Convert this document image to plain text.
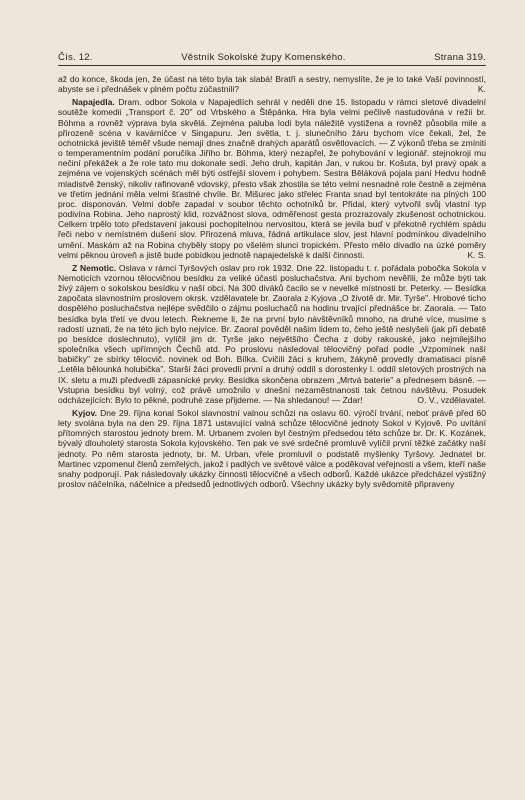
Čís. 12.	Věstník Sokolské župy Komenského.	Strana 319.

až do konce, škoda jen, že účast na této byla tak slabá! Bratři a sestry, nemyslíte, že je to také Vaší povinností, abyste se i přednášek v plném počtu zúčastnili?	K.

Napajedla. Dram. odbor Sokola v Napajedlích sehrál v neděli dne 15. listopadu v rámci sletové divadelní soutěže komedii „Transport č. 20" od Vrbského a Štěpánka. Hra byla velmi pečlivě nastudována v režii br. Böhma a rovněž výprava byla skvělá. Zejména paluba lodi byla náležitě vystižena a rovněž působila mile a přirozeně scéna v kavárničce v Singapuru. Jen světla, t. j. slunečního žáru bychom více čekali, žel, že ochotnická jeviště téměř všude nemají dnes značně drahých aparátů osvětlovacích. — Z výkonů třeba se zmíniti o temperamentním podání poručíka Jiřího br. Böhma, který nezapřel, že pohybování v legionář. stejnokroji mu nečiní překážek a že role tato mu dokonale sedí. Jeho druh, kapitán Jan, v rukou br. Košuta, byl pravý opak a zejména ve vojenských scénách měl býti ostřejší slovem i pohybem. Sestra Běláková pojala paní Hedvu hodně mladistvě ženský, nikoliv rafinovaně vdovský, přesto však zhostila se této velmi nesnadné role čestně a zejména ve třetím jednání měla velmi šťastné chvíle. Br. Mišurec jako střelec Franta snad byl tentokráte na plných 100 proc. disponován. Velmi dobře zapadal v soubor těchto ochotníků br. Přidal, který vytvořil svůj vlastní typ podivína Robina. Jeho naprostý klid, rozvážnost slova, odměřenost gesta prozrazovaly zkušenost ochotnickou. Celkem trpělo toto představení jakousi pochopitelnou nervositou, která se jevila buď v překotně rychlém spádu řeči nebo v nemístném dušení slov. Přirozená mluva, řádná artikulace slov, jest hlavní podmínkou divadelního umění. Maskám až na Robina chyběly stopy po všelém slunci tropickém. Přesto mělo divadlo na úzké poměry velmi pěknou úroveň a jistě bude pobídkou jednotě napajedelské k další činnosti.	K. S.

Z Nemotic. Oslava v rámci Tyršových oslav pro rok 1932. Dne 22. listopadu t. r. pořádala pobočka Sokola v Nemoticích vzornou tělocvičnou besídku za veliké účasti posluchačstva. Ani bychom nevěřili, že může býti tak živý zájem o sokolskou besídku v naší obci. Na 300 diváků čacilo se v nevelké místnosti br. Peterky. — Besídka započata slavnostním proslovem okrsk. vzdělavatele br. Zaorala z Kyjova „O životě dr. Mir. Tyrše". Hrobové ticho dospělého posluchačstva nejlépe svědčilo o zájmu posluchačů na hodinu trvající přednášce br. Zaorala. — Tato besídka byla třetí ve dvou letech. Řekneme li, že na první bylo návštěvníků mnoho, na druhé více, musíme s radostí uznati, že na této jich bylo nejvíce. Br. Zaoral pověděl našim lidem to, čeho ještě neslyšeli (jak při debatě po besídce doslechnuto), vylíčil jim dr. Tyrše jako největšího Čecha z doby rakouské, jako nejmilejšího společníka všech upřímných Čechů atd. Po proslovu následoval tělocvičný pořad podle „Vzpomínek naší babičky" ze sbírky tělocvič. novinek od Boh. Bílka. Cvičili žáci s kruhem, žákyně provedly dramatisaci písně „Letěla bělounká holubička". Starší žáci provedli první a druhý oddíl s dorostenky I. oddíl sletových prostných na IX. sletu a muži předvedli zápasnické prvky. Besídka skončena obrazem „Mrtvá baterie" a přednesem básně. — Vstupna besídku byl volný, což právě umožnilo v dnešní nezaměstnanosti tak četnou návštěvu. Posudek odcházejících: Bylo to pěkné, podruhé zase přijdeme. — Na shledanou! — Zdar!	O. V., vzdělavatel.

Kyjov. Dne 29. října konal Sokol slavnostní valnou schůzi na oslavu 60. výročí trvání, neboť právě před 60 lety svolána byla na den 29. října 1871 ustavující valná schůze tělocvičné jednoty Sokol v Kyjově. Po uvítání přítomných starostou jednoty brem. M. Urbanem zvolen byl čestným předsedou této schůze br. Dr. K. Kozánek, bývalý dlouholetý starosta Sokola kyjovského. Ten pak ve své srdečné promluvě vylíčil první těžké začátky naší jednoty. Po něm starosta jednoty, br. M. Urban, vřele promluvil o podstatě myšlenky Tyršovy. Jednatel br. Martinec vzpomenul členů zemřelých, jakož i padlých ve světové válce a poděkoval veřejnosti a všem, kteří naše snahy podporují. Pak následovaly ukázky činnosti tělocvičné a všech odborů. Každé ukázce předcházel výstižný proslov náčelníka, náčelnice a předsedů jednotlivých odborů. Všechny ukázky byly svědomitě připraveny
